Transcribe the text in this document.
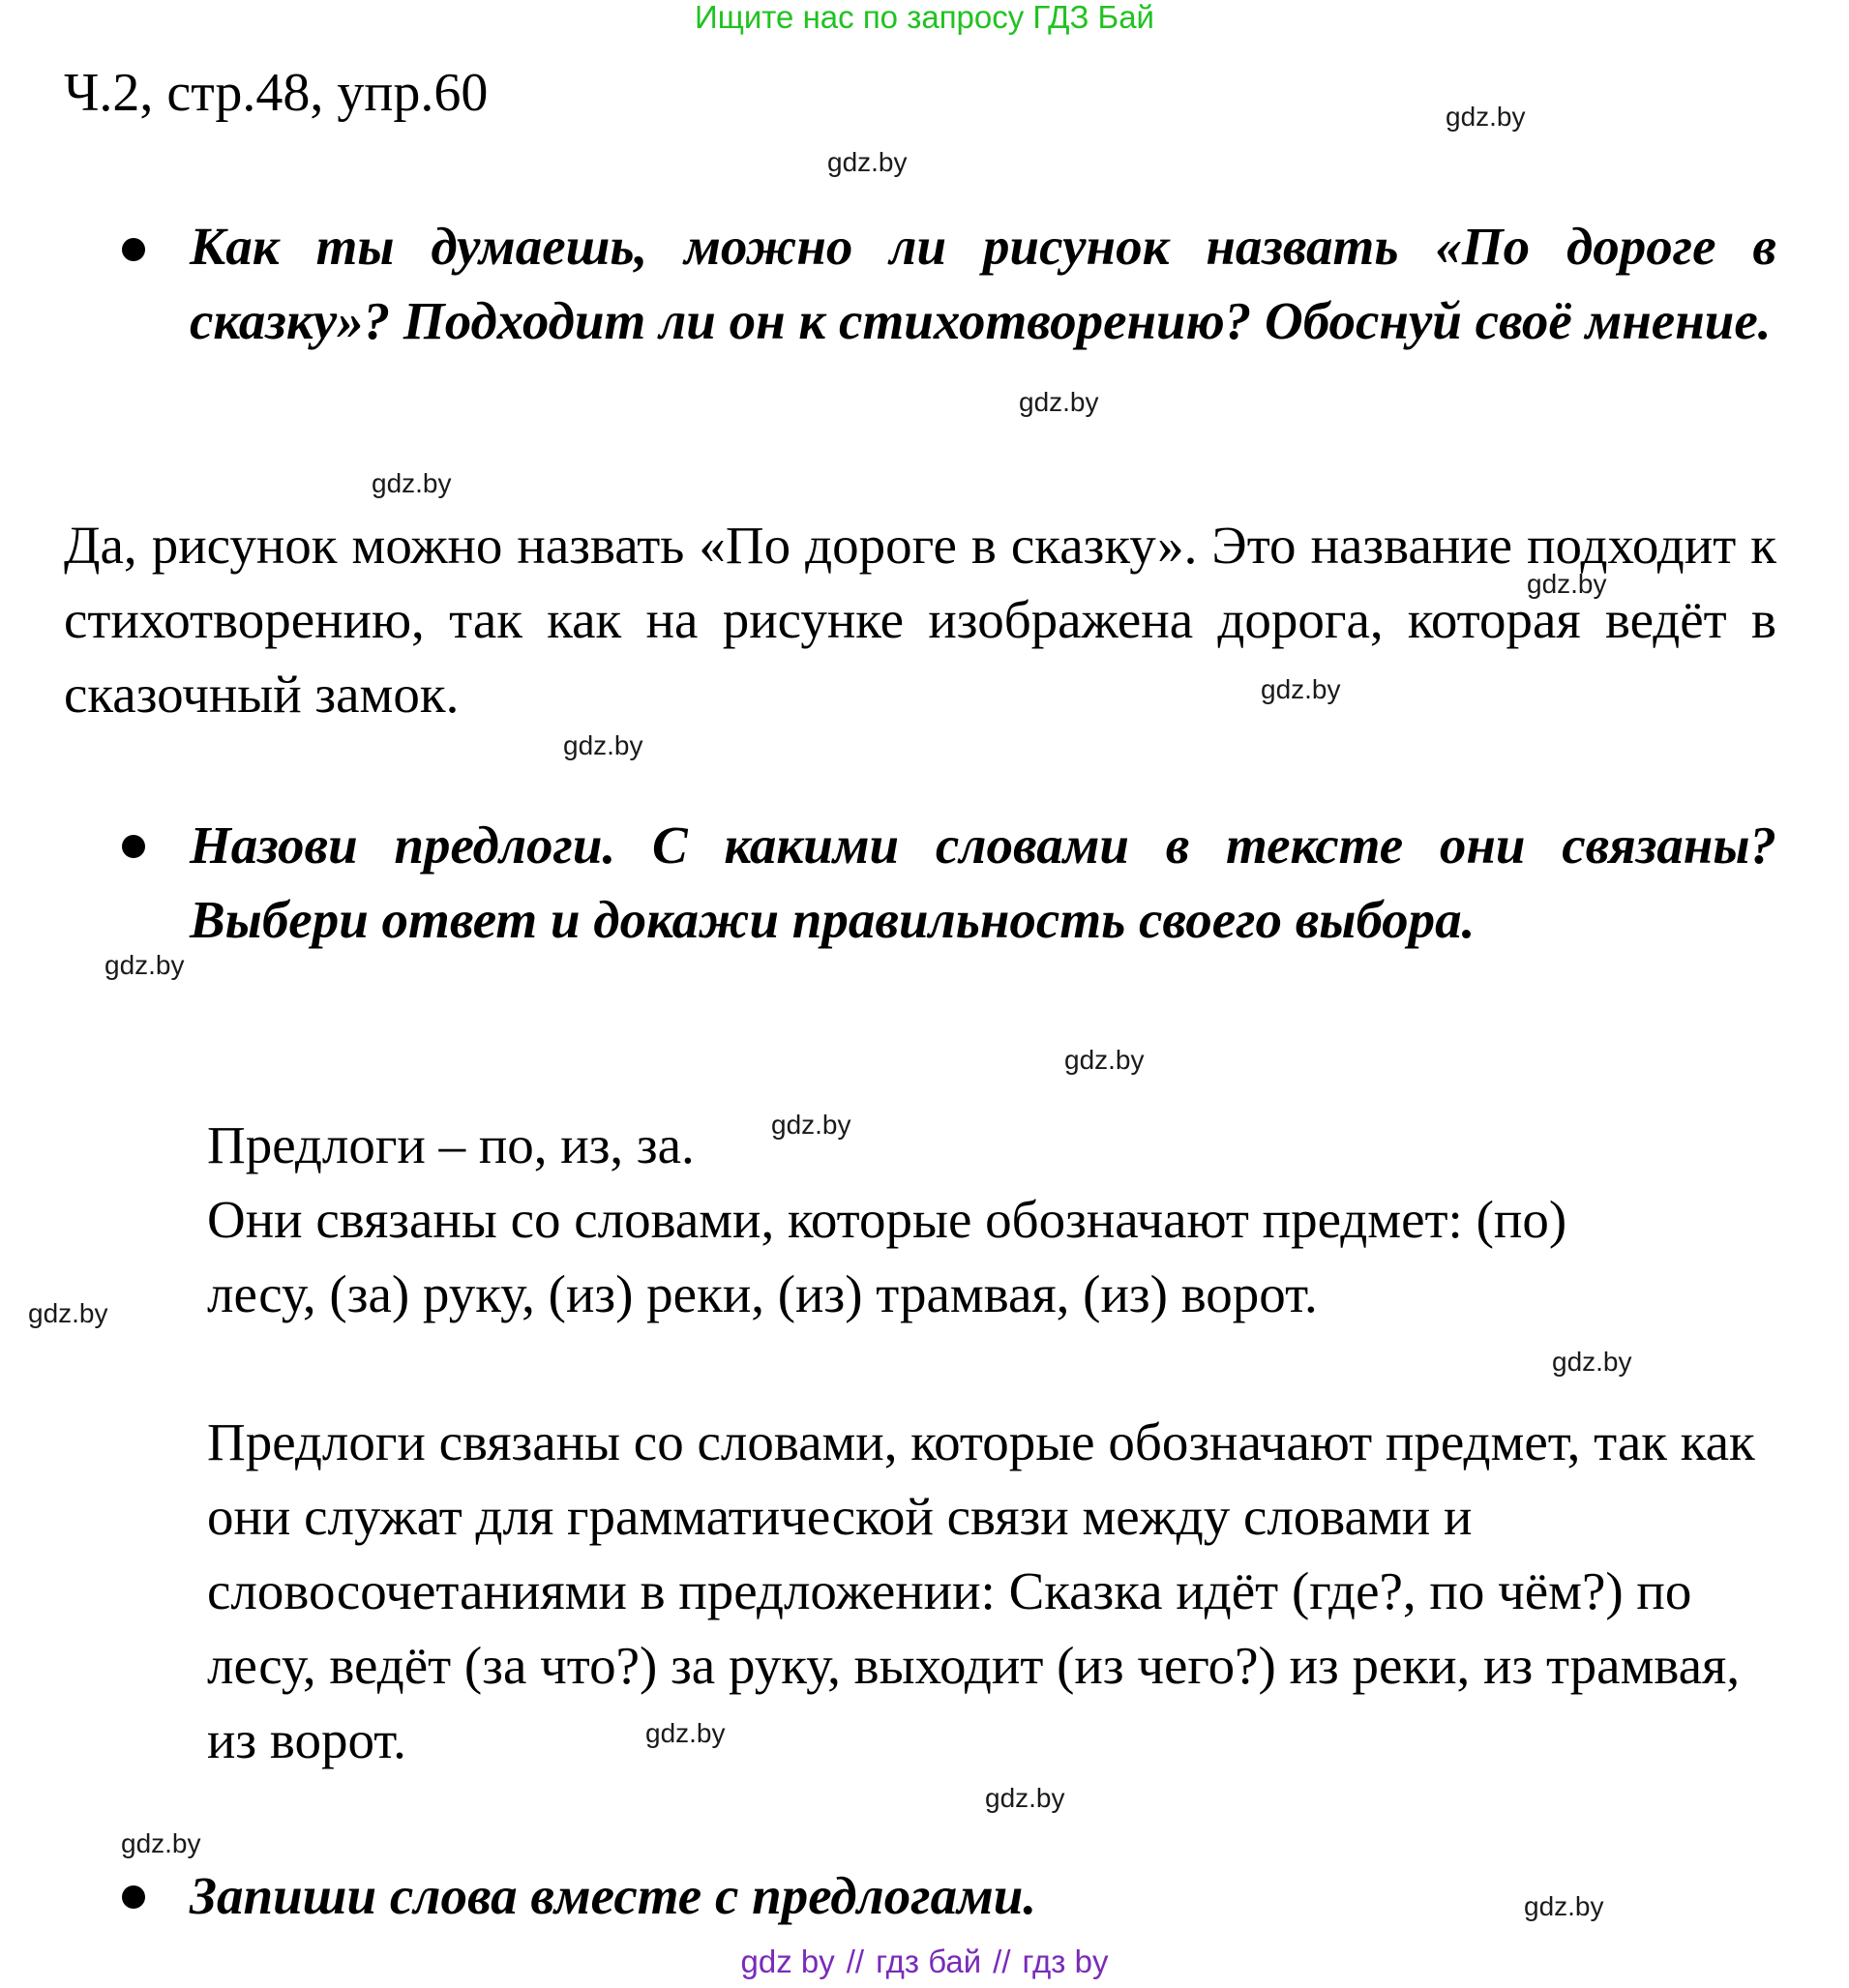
Ищите нас по запросу ГДЗ Бай
Ч.2, стр.48, упр.60

Как ты думаешь, можно ли рисунок назвать «По дороге в сказку»? Подходит ли он к стихотворению? Обоснуй своё мнение.

Да, рисунок можно назвать «По дороге в сказку». Это название подходит к стихотворению, так как на рисунке изображена дорога, которая ведёт в сказочный замок.

Назови предлоги. С какими словами в тексте они связаны? Выбери ответ и докажи правильность своего выбора.

Предлоги – по, из, за.

Они связаны со словами, которые обозначают предмет: (по) лесу, (за) руку, (из) реки, (из) трамвая, (из) ворот.

Предлоги связаны со словами, которые обозначают предмет, так как они служат для грамматической связи между словами и словосочетаниями в предложении: Сказка идёт (где?, по чём?) по лесу, ведёт (за что?) за руку, выходит (из чего?) из реки, из трамвая, из ворот.

Запиши слова вместе с предлогами.

gdz.by
gdz.by
gdz.by
gdz.by
gdz.by
gdz.by
gdz.by
gdz.by
gdz.by
gdz.by
gdz.by
gdz.by
gdz.by
gdz.by
gdz.by
gdz.by
gdz by // гдз бай // гдз by
